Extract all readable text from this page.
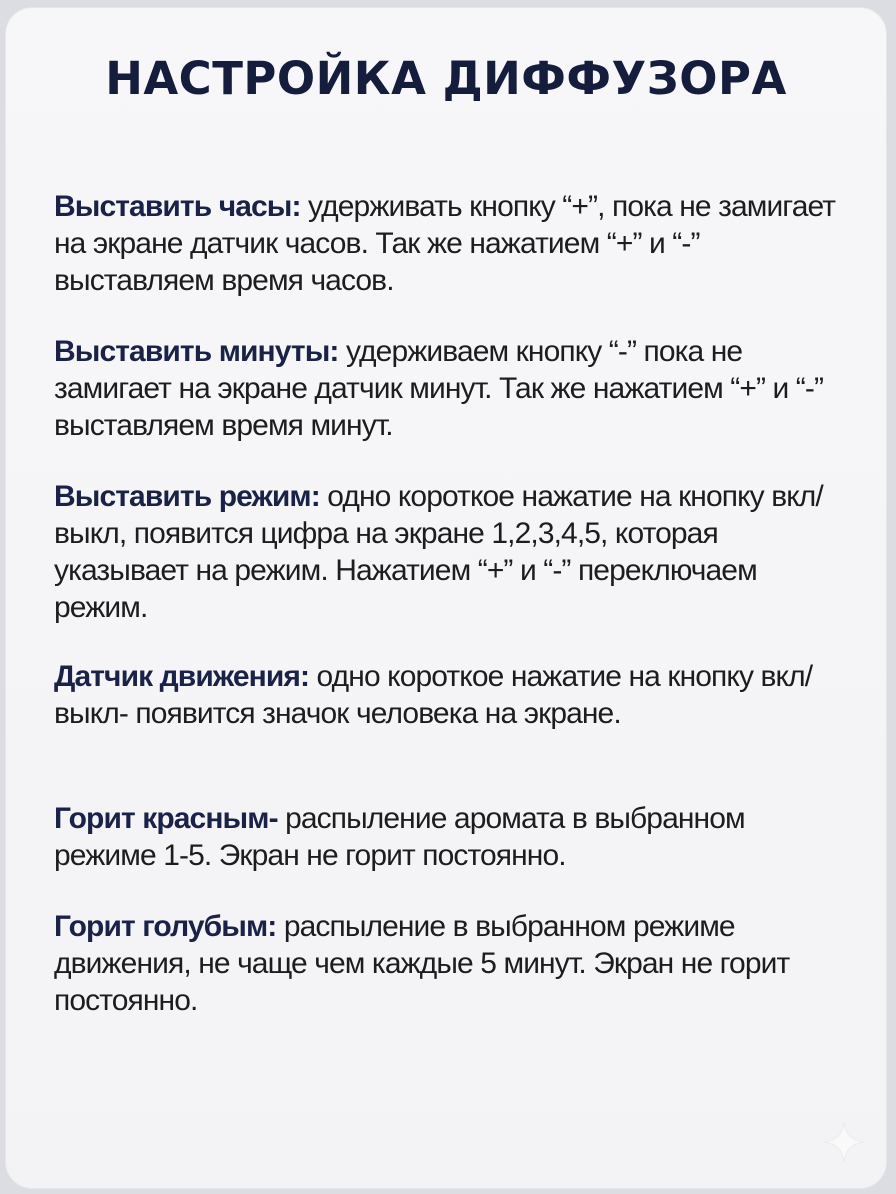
НАСТРОЙКА ДИФФУЗОРА

Выставить часы: удерживать кнопку “+”, пока не замигает на экране датчик часов. Так же нажатием “+” и “-” выставляем время часов.

Выставить минуты: удерживаем кнопку “-” пока не замигает на экране датчик минут. Так же нажатием “+” и “-” выставляем время минут.

Выставить режим: одно короткое нажатие на кнопку вкл/выкл, появится цифра на экране 1,2,3,4,5, которая указывает на режим. Нажатием “+” и “-” переключаем режим.

Датчик движения: одно короткое нажатие на кнопку вкл/выкл- появится значок человека на экране.

Горит красным- распыление аромата в выбранном режиме 1-5. Экран не горит постоянно.

Горит голубым: распыление в выбранном режиме движения, не чаще чем каждые 5 минут. Экран не горит постоянно.
